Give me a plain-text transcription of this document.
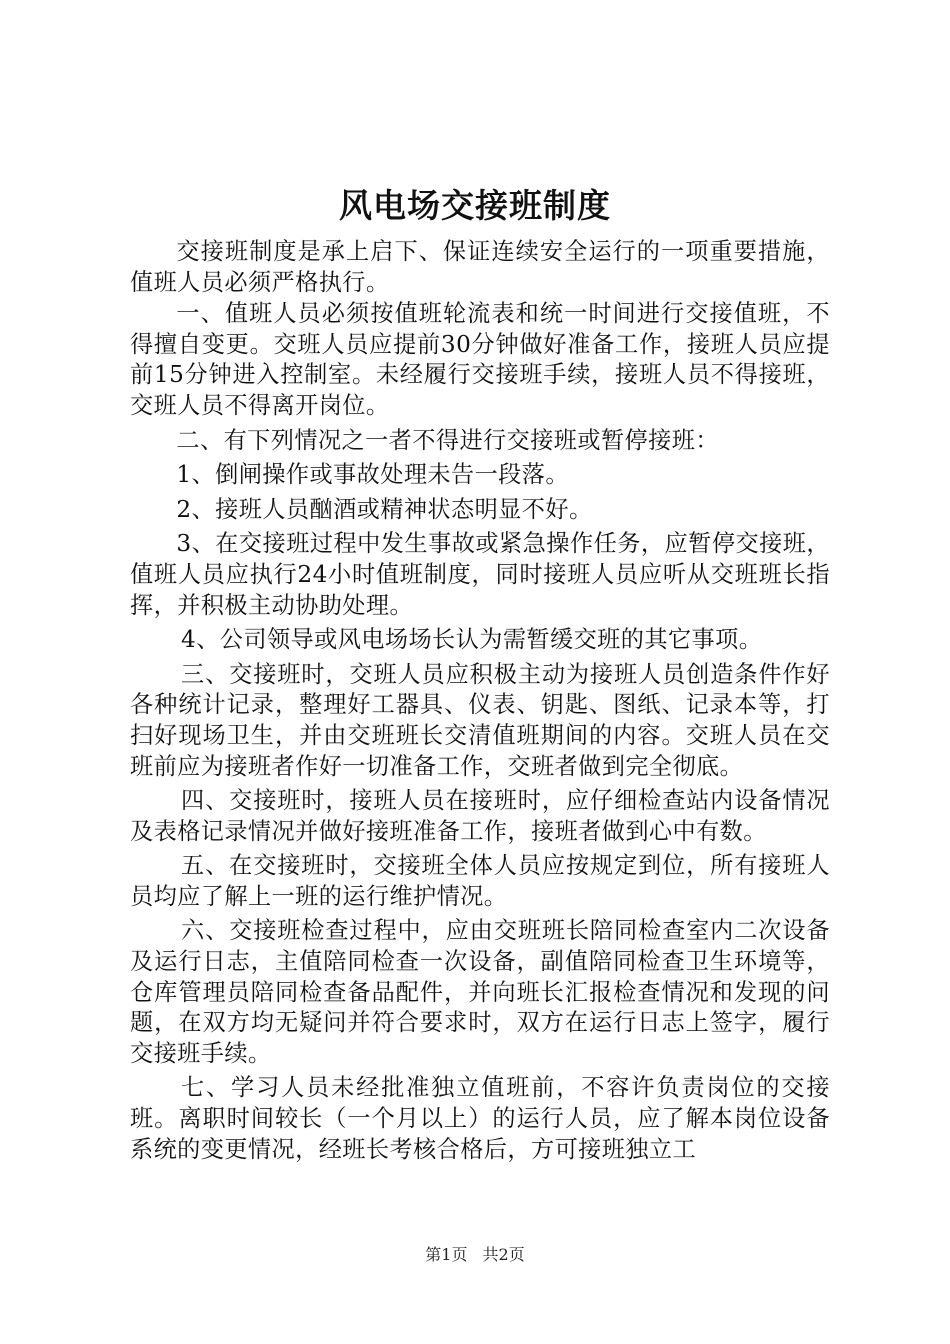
风电场交接班制度

交接班制度是承上启下、保证连续安全运行的一项重要措施，值班人员必须严格执行。

一、值班人员必须按值班轮流表和统一时间进行交接值班，不得擅自变更。交班人员应提前30分钟做好准备工作，接班人员应提前15分钟进入控制室。未经履行交接班手续，接班人员不得接班，交班人员不得离开岗位。

二、有下列情况之一者不得进行交接班或暂停接班：

1、倒闸操作或事故处理未告一段落。

2、接班人员酗酒或精神状态明显不好。

3、在交接班过程中发生事故或紧急操作任务，应暂停交接班，值班人员应执行24小时值班制度，同时接班人员应听从交班班长指挥，并积极主动协助处理。

4、公司领导或风电场场长认为需暂缓交班的其它事项。

三、交接班时，交班人员应积极主动为接班人员创造条件作好各种统计记录，整理好工器具、仪表、钥匙、图纸、记录本等，打扫好现场卫生，并由交班班长交清值班期间的内容。交班人员在交班前应为接班者作好一切准备工作，交班者做到完全彻底。

四、交接班时，接班人员在接班时，应仔细检查站内设备情况及表格记录情况并做好接班准备工作，接班者做到心中有数。

五、在交接班时，交接班全体人员应按规定到位，所有接班人员均应了解上一班的运行维护情况。

六、交接班检查过程中，应由交班班长陪同检查室内二次设备及运行日志，主值陪同检查一次设备，副值陪同检查卫生环境等，仓库管理员陪同检查备品配件，并向班长汇报检查情况和发现的问题，在双方均无疑问并符合要求时，双方在运行日志上签字，履行交接班手续。

七、学习人员未经批准独立值班前，不容许负责岗位的交接班。离职时间较长（一个月以上）的运行人员，应了解本岗位设备系统的变更情况，经班长考核合格后，方可接班独立工

第1页 共2页
